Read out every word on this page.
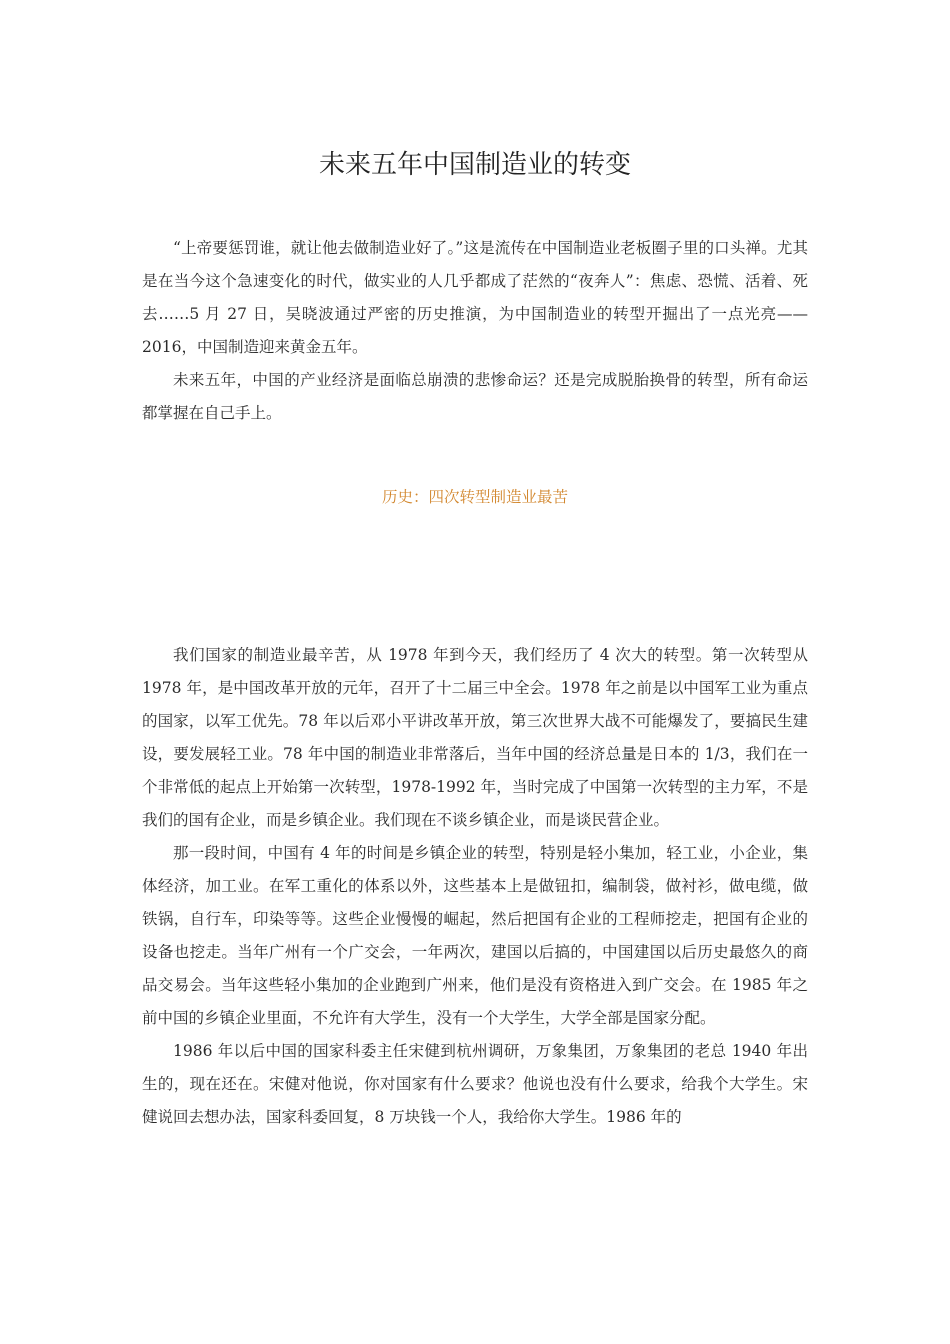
未来五年中国制造业的转变

“上帝要惩罚谁，就让他去做制造业好了。”这是流传在中国制造业老板圈子里的口头禅。尤其是在当今这个急速变化的时代，做实业的人几乎都成了茫然的“夜奔人”：焦虑、恐慌、活着、死去……5 月 27 日，吴晓波通过严密的历史推演，为中国制造业的转型开掘出了一点光亮——2016，中国制造迎来黄金五年。

未来五年，中国的产业经济是面临总崩溃的悲惨命运？还是完成脱胎换骨的转型，所有命运都掌握在自己手上。

历史：四次转型制造业最苦

我们国家的制造业最辛苦，从 1978 年到今天，我们经历了 4 次大的转型。第一次转型从 1978 年，是中国改革开放的元年，召开了十二届三中全会。1978 年之前是以中国军工业为重点的国家，以军工优先。78 年以后邓小平讲改革开放，第三次世界大战不可能爆发了，要搞民生建设，要发展轻工业。78 年中国的制造业非常落后，当年中国的经济总量是日本的 1/3，我们在一个非常低的起点上开始第一次转型，1978-1992 年，当时完成了中国第一次转型的主力军，不是我们的国有企业，而是乡镇企业。我们现在不谈乡镇企业，而是谈民营企业。

那一段时间，中国有 4 年的时间是乡镇企业的转型，特别是轻小集加，轻工业，小企业，集体经济，加工业。在军工重化的体系以外，这些基本上是做钮扣，编制袋，做衬衫，做电缆，做铁锅，自行车，印染等等。这些企业慢慢的崛起，然后把国有企业的工程师挖走，把国有企业的设备也挖走。当年广州有一个广交会，一年两次，建国以后搞的，中国建国以后历史最悠久的商品交易会。当年这些轻小集加的企业跑到广州来，他们是没有资格进入到广交会。在 1985 年之前中国的乡镇企业里面，不允许有大学生，没有一个大学生，大学全部是国家分配。

1986 年以后中国的国家科委主任宋健到杭州调研，万象集团，万象集团的老总 1940 年出生的，现在还在。宋健对他说，你对国家有什么要求？他说也没有什么要求，给我个大学生。宋健说回去想办法，国家科委回复，8 万块钱一个人，我给你大学生。1986 年的
